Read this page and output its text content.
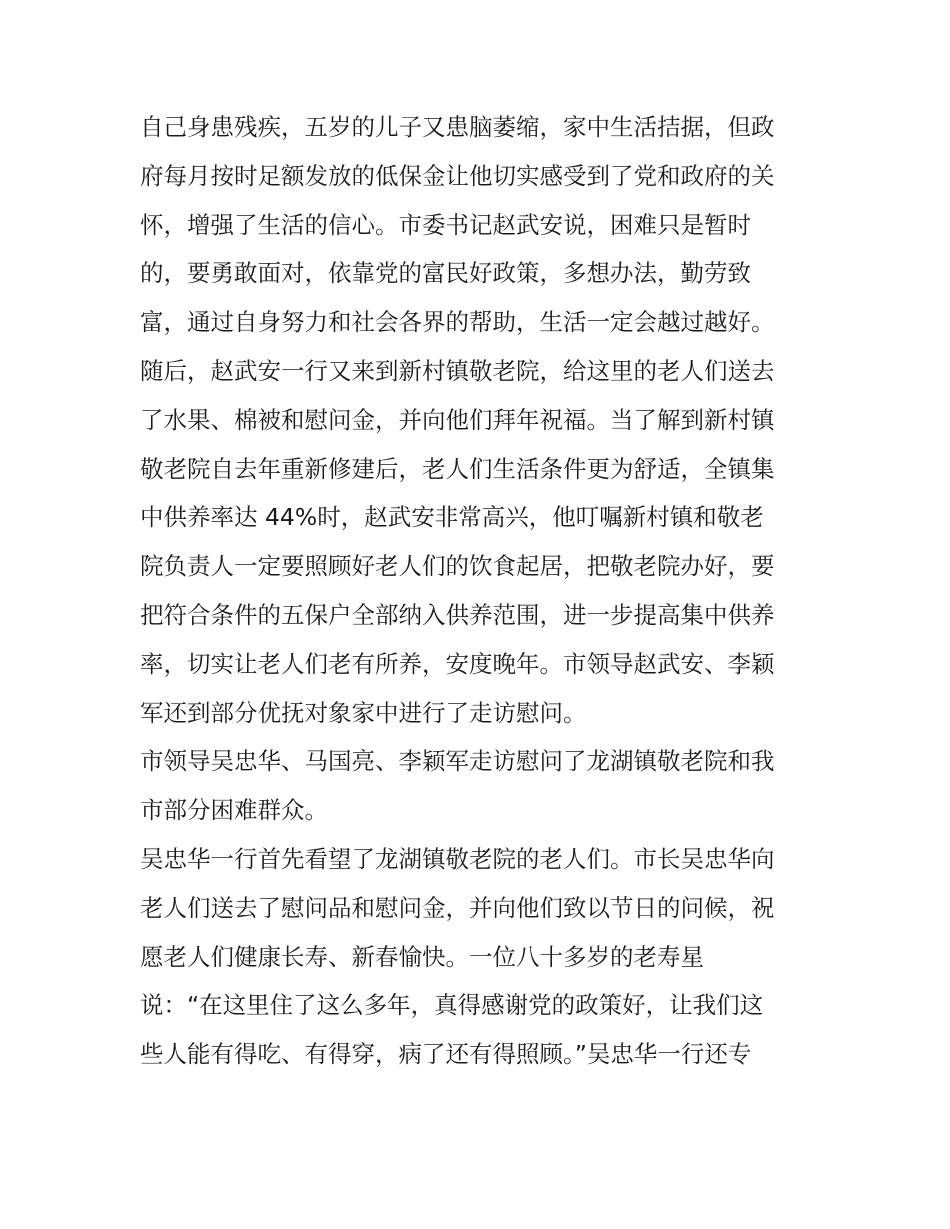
自己身患残疾，五岁的儿子又患脑萎缩，家中生活拮据，但政
府每月按时足额发放的低保金让他切实感受到了党和政府的关
怀，增强了生活的信心。市委书记赵武安说，困难只是暂时
的，要勇敢面对，依靠党的富民好政策，多想办法，勤劳致
富，通过自身努力和社会各界的帮助，生活一定会越过越好。
随后，赵武安一行又来到新村镇敬老院，给这里的老人们送去
了水果、棉被和慰问金，并向他们拜年祝福。当了解到新村镇
敬老院自去年重新修建后，老人们生活条件更为舒适，全镇集
中供养率达 44%时，赵武安非常高兴，他叮嘱新村镇和敬老
院负责人一定要照顾好老人们的饮食起居，把敬老院办好，要
把符合条件的五保户全部纳入供养范围，进一步提高集中供养
率，切实让老人们老有所养，安度晚年。市领导赵武安、李颖
军还到部分优抚对象家中进行了走访慰问。
市领导吴忠华、马国亮、李颖军走访慰问了龙湖镇敬老院和我
市部分困难群众。
吴忠华一行首先看望了龙湖镇敬老院的老人们。市长吴忠华向
老人们送去了慰问品和慰问金，并向他们致以节日的问候，祝
愿老人们健康长寿、新春愉快。一位八十多岁的老寿星
说：“在这里住了这么多年，真得感谢党的政策好，让我们这
些人能有得吃、有得穿，病了还有得照顾。”吴忠华一行还专
